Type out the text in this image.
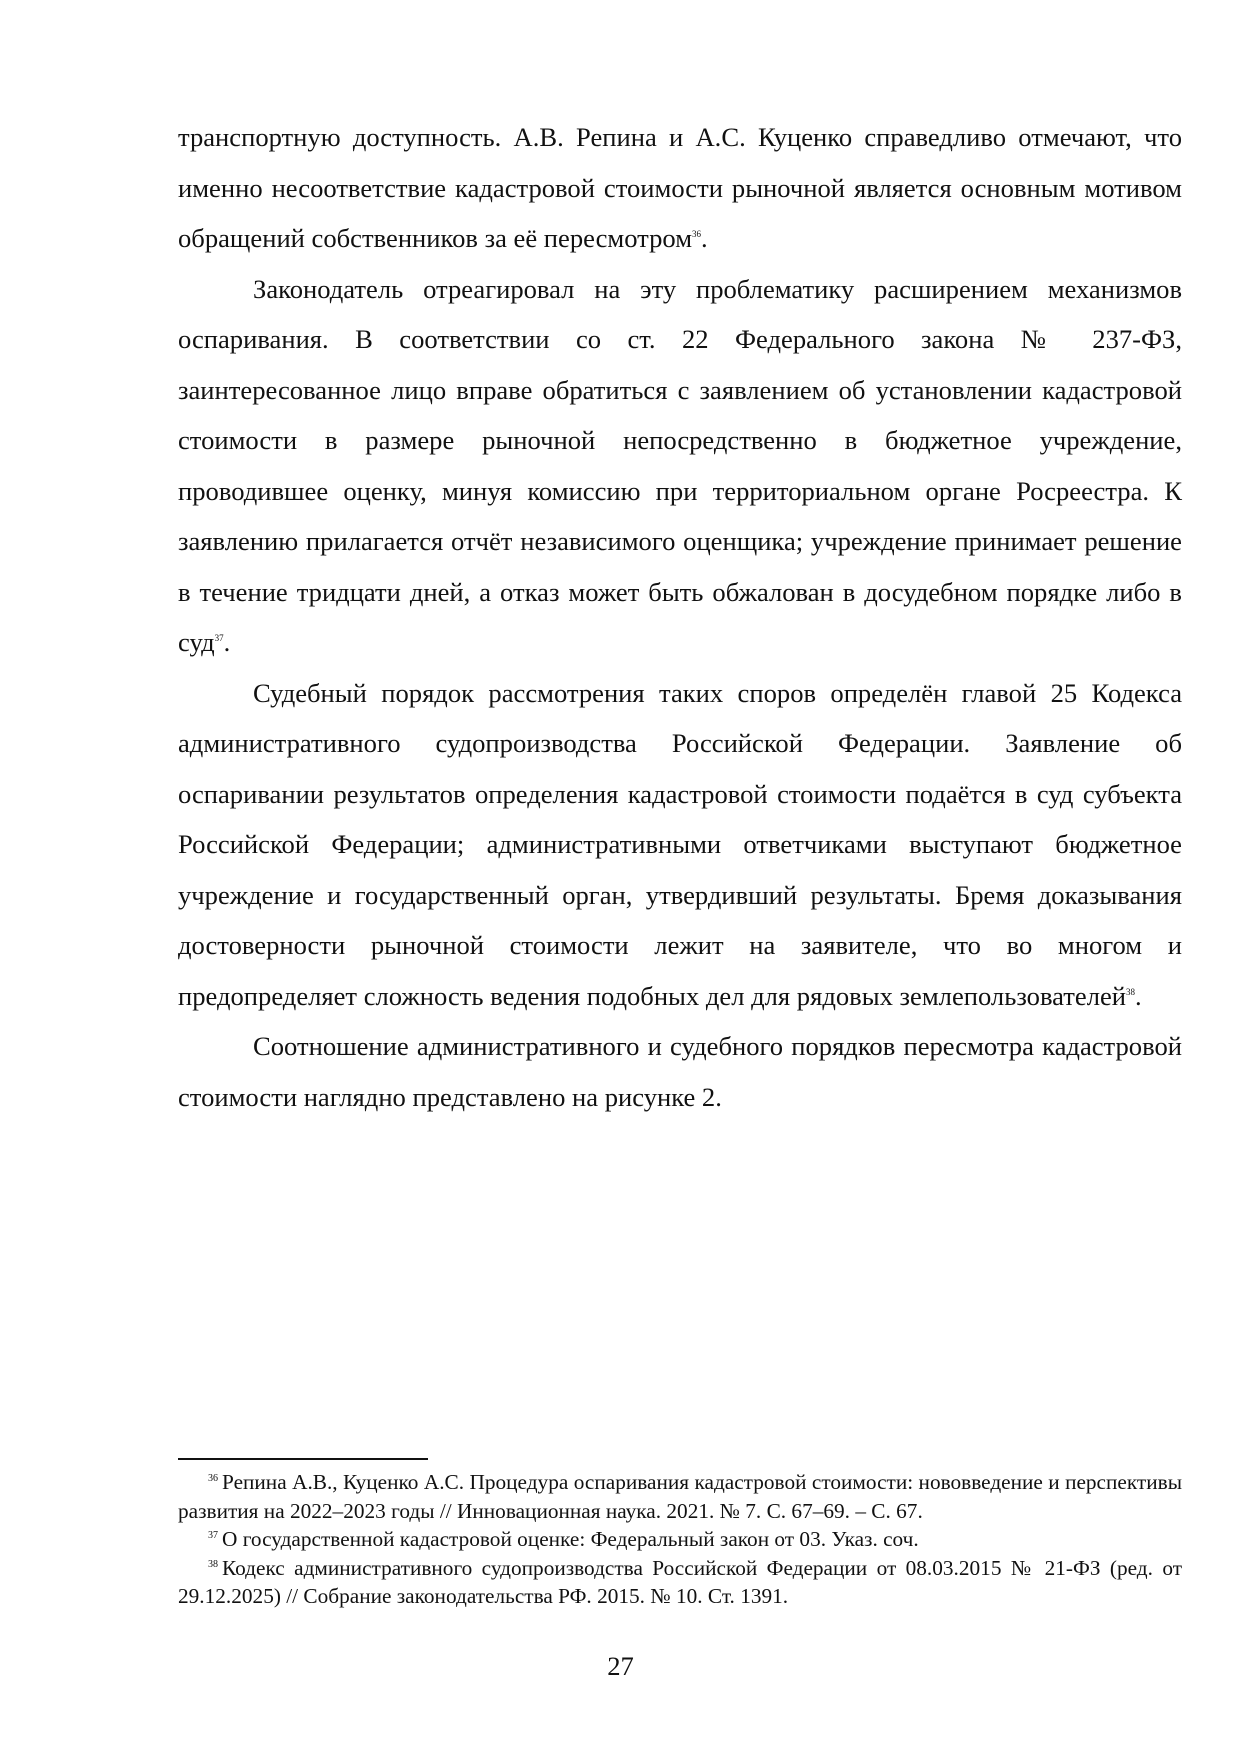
транспортную доступность. А.В. Репина и А.С. Куценко справедливо отмечают, что именно несоответствие кадастровой стоимости рыночной является основным мотивом обращений собственников за её пересмотром$^{36}$.

Законодатель отреагировал на эту проблематику расширением механизмов оспаривания. В соответствии со ст. 22 Федерального закона № 237-ФЗ, заинтересованное лицо вправе обратиться с заявлением об установлении кадастровой стоимости в размере рыночной непосредственно в бюджетное учреждение, проводившее оценку, минуя комиссию при территориальном органе Росреестра. К заявлению прилагается отчёт независимого оценщика; учреждение принимает решение в течение тридцати дней, а отказ может быть обжалован в досудебном порядке либо в суд$^{37}$.

Судебный порядок рассмотрения таких споров определён главой 25 Кодекса административного судопроизводства Российской Федерации. Заявление об оспаривании результатов определения кадастровой стоимости подаётся в суд субъекта Российской Федерации; административными ответчиками выступают бюджетное учреждение и государственный орган, утвердивший результаты. Бремя доказывания достоверности рыночной стоимости лежит на заявителе, что во многом и предопределяет сложность ведения подобных дел для рядовых землепользователей$^{38}$.

Соотношение административного и судебного порядков пересмотра кадастровой стоимости наглядно представлено на рисунке 2.

$^{36}$ Репина А.В., Куценко А.С. Процедура оспаривания кадастровой стоимости: нововведение и перспективы развития на 2022–2023 годы // Инновационная наука. 2021. № 7. С. 67–69. – С. 67.

$^{37}$ О государственной кадастровой оценке: Федеральный закон от 03. Указ. соч.

$^{38}$ Кодекс административного судопроизводства Российской Федерации от 08.03.2015 № 21-ФЗ (ред. от 29.12.2025) // Собрание законодательства РФ. 2015. № 10. Ст. 1391.

27
